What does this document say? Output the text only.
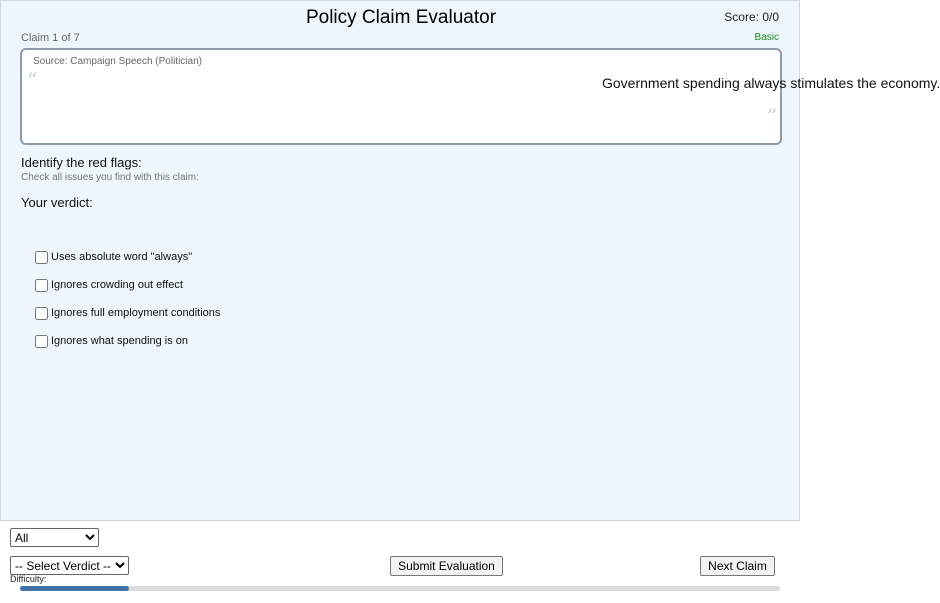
Policy Claim Evaluator	Score: 0/0
Claim 1 of 7	Basic
Source: Campaign Speech (Politician)
“	Government spending always stimulates the economy.
”
Identify the red flags:
Check all issues you find with this claim:
Your verdict:
Uses absolute word "always"
Ignores crowding out effect
Ignores full employment conditions
Ignores what spending is on
All
-- Select Verdict --
Submit Evaluation	Next Claim
Difficulty:
